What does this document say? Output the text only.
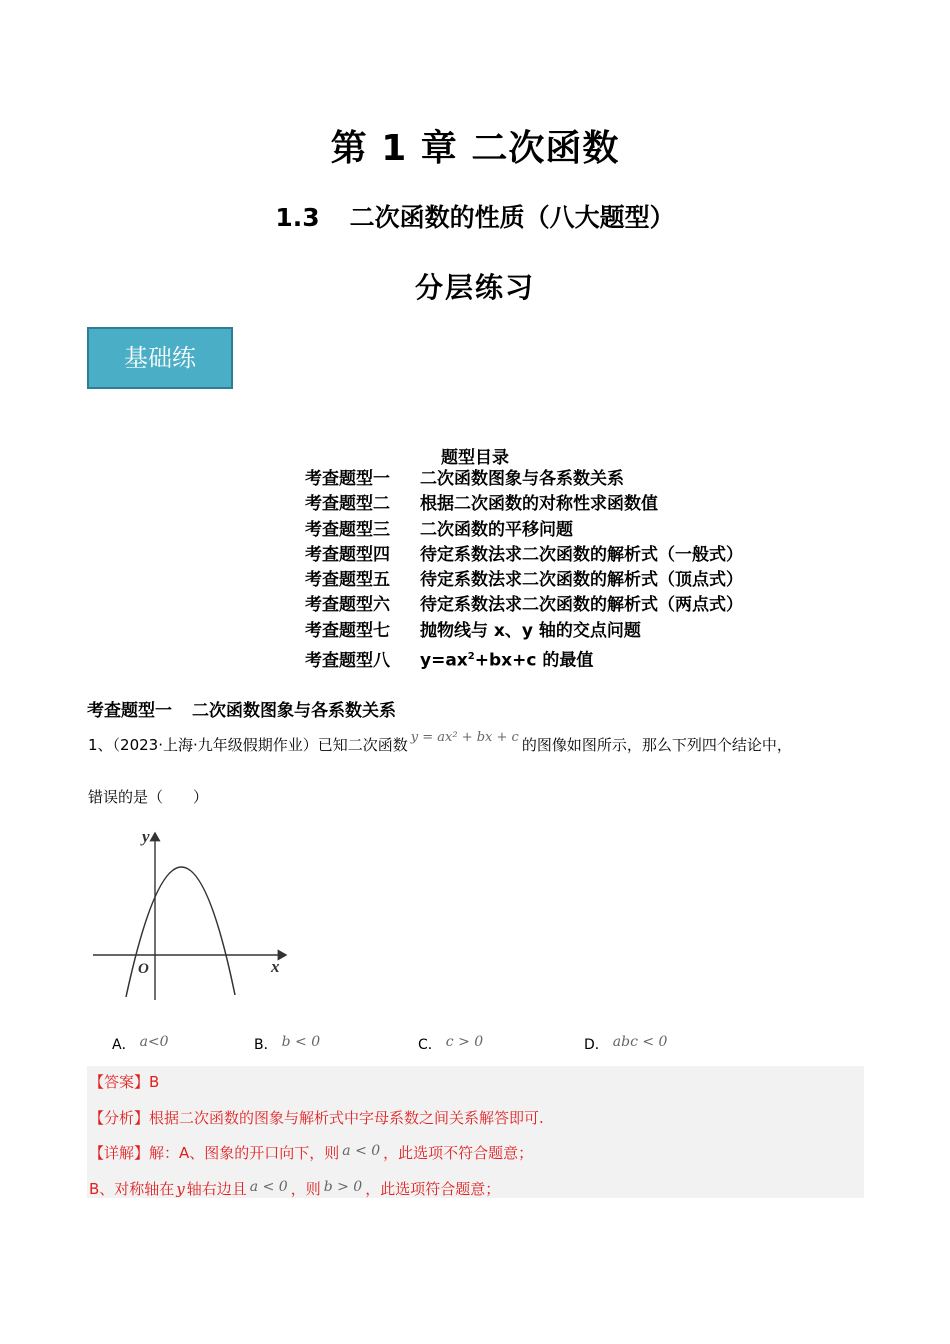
第 1 章 二次函数
1.3 二次函数的性质（八大题型）
分层练习
基础练
题型目录
考查题型一 二次函数图象与各系数关系
考查题型二 根据二次函数的对称性求函数值
考查题型三 二次函数的平移问题
考查题型四 待定系数法求二次函数的解析式（一般式）
考查题型五 待定系数法求二次函数的解析式（顶点式）
考查题型六 待定系数法求二次函数的解析式（两点式）
考查题型七 抛物线与 x、y 轴的交点问题
考查题型八 $y=ax^2+bx+c$ 的最值
考查题型一 二次函数图象与各系数关系
1、（2023·上海·九年级假期作业）已知二次函数 y = ax² + bx + c 的图像如图所示，那么下列四个结论中，
错误的是（　　）
y
x
O
A． a<0	B． b < 0	C． c > 0	D． abc < 0
【答案】B
【分析】根据二次函数的图象与解析式中字母系数之间关系解答即可.
【详解】解：A、图象的开口向下，则 a < 0 ，此选项不符合题意；
B、对称轴在 y 轴右边且 a < 0 ，则 b > 0 ，此选项符合题意；
